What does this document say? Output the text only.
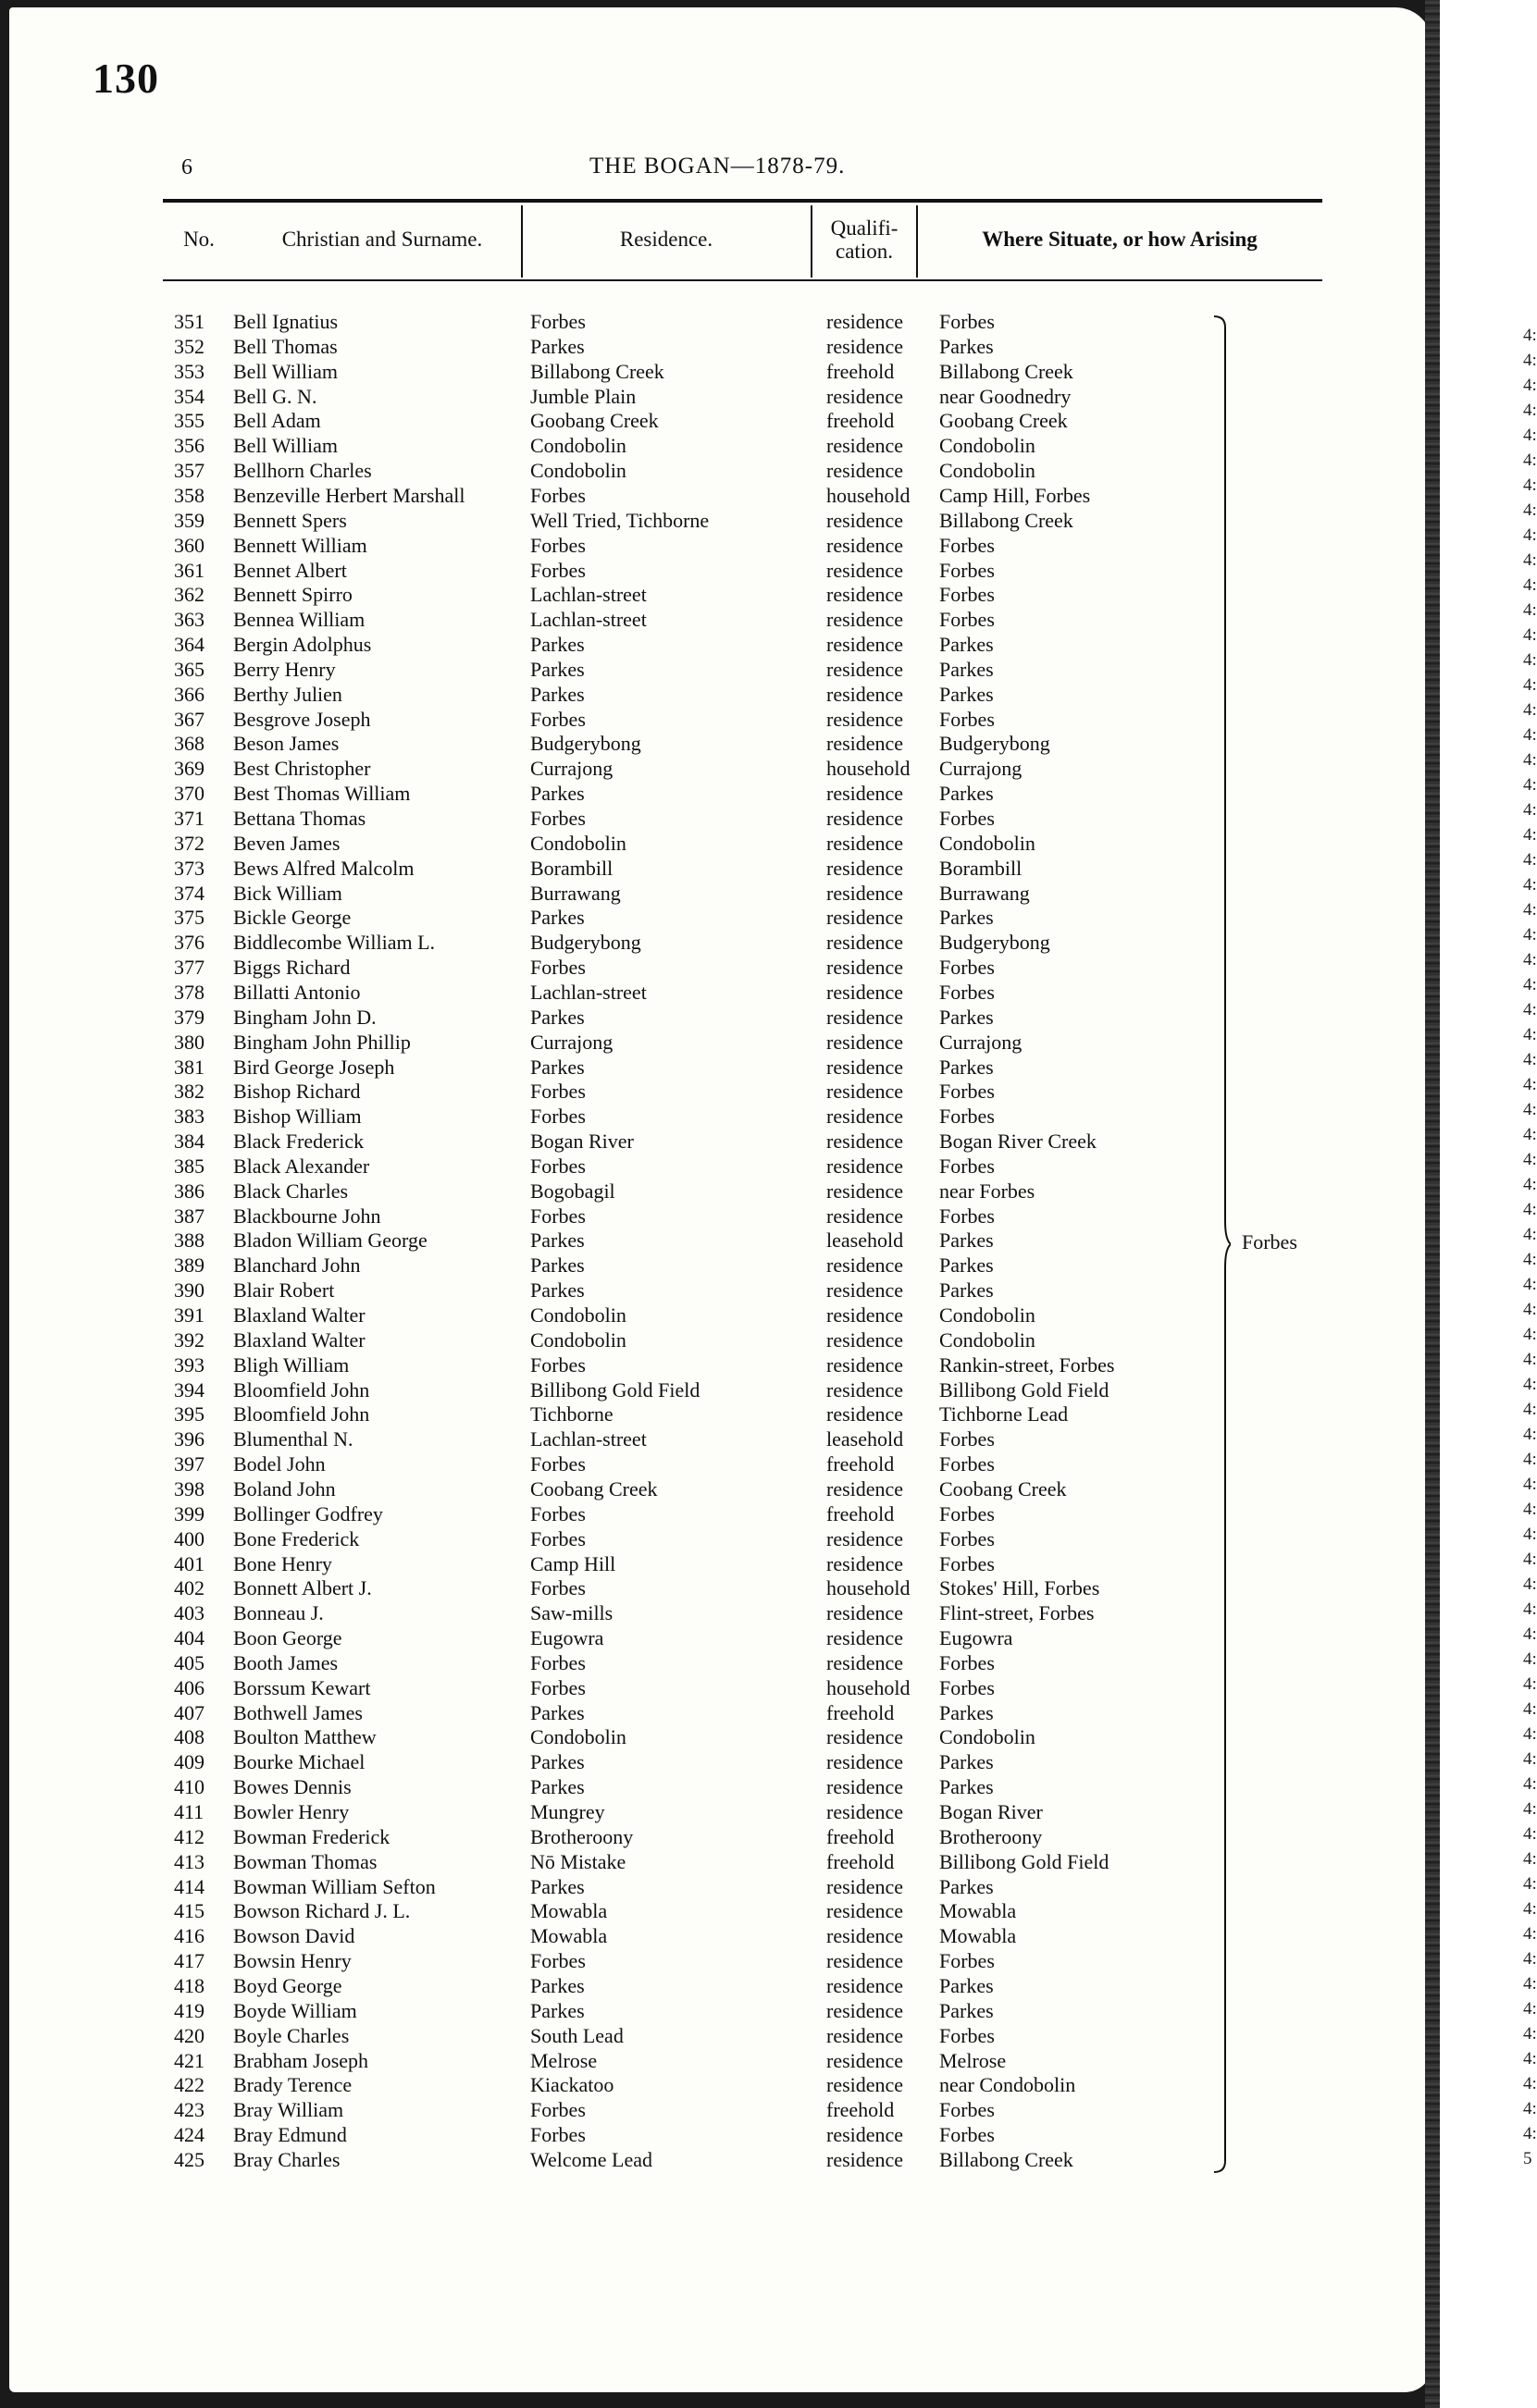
4:
4:
4:
4:
4:
4:
4:
4:
4:
4:
4:
4:
4:
4:
4:
4:
4:
4:
4:
4:
4:
4:
4:
4:
4:
4:
4:
4:
4:
4:
4:
4:
4:
4:
4:
4:
4:
4:
4:
4:
4:
4:
4:
4:
4:
4:
4:
4:
4:
4:
4:
4:
4:
4:
4:
4:
4:
4:
4:
4:
4:
4:
4:
4:
4:
4:
4:
4:
4:
4:
4:
4:
4:
5
130
6	THE BOGAN—1878-79.
No.	Christian and Surname.	Residence.	Qualifi-
cation.
Where Situate, or how Arising
351 Bell Ignatius	Forbes	residence Forbes
352 Bell Thomas	Parkes	residence Parkes
353 Bell William	Billabong Creek	freehold Billabong Creek
354 Bell G. N.	Jumble Plain	residence near Goodnedry
355 Bell Adam	Goobang Creek	freehold Goobang Creek
356 Bell William	Condobolin	residence Condobolin
357 Bellhorn Charles	Condobolin	residence Condobolin
358 Benzeville Herbert Marshall	Forbes	household Camp Hill, Forbes
359 Bennett Spers	Well Tried, Tichborne	residence Billabong Creek
360 Bennett William	Forbes	residence Forbes
361 Bennet Albert	Forbes	residence Forbes
362 Bennett Spirro	Lachlan-street	residence Forbes
363 Bennea William	Lachlan-street	residence Forbes
364 Bergin Adolphus	Parkes	residence Parkes
365 Berry Henry	Parkes	residence Parkes
366 Berthy Julien	Parkes	residence Parkes
367 Besgrove Joseph	Forbes	residence Forbes
368 Beson James	Budgerybong	residence Budgerybong
369 Best Christopher	Currajong	household Currajong
370 Best Thomas William	Parkes	residence Parkes
371 Bettana Thomas	Forbes	residence Forbes
372 Beven James	Condobolin	residence Condobolin
373 Bews Alfred Malcolm	Borambill	residence Borambill
374 Bick William	Burrawang	residence Burrawang
375 Bickle George	Parkes	residence Parkes
376 Biddlecombe William L.	Budgerybong	residence Budgerybong
377 Biggs Richard	Forbes	residence Forbes
378 Billatti Antonio	Lachlan-street	residence Forbes
379 Bingham John D.	Parkes	residence Parkes
380 Bingham John Phillip	Currajong	residence Currajong
381 Bird George Joseph	Parkes	residence Parkes
382 Bishop Richard	Forbes	residence Forbes
383 Bishop William	Forbes	residence Forbes
384 Black Frederick	Bogan River	residence Bogan River Creek
385 Black Alexander	Forbes	residence Forbes
386 Black Charles	Bogobagil	residence near Forbes
387 Blackbourne John	Forbes	residence Forbes
388 Bladon William George	Parkes	leasehold Parkes
389 Blanchard John	Parkes	residence Parkes
390 Blair Robert	Parkes	residence Parkes
391 Blaxland Walter	Condobolin	residence Condobolin
392 Blaxland Walter	Condobolin	residence Condobolin
393 Bligh William	Forbes	residence Rankin-street, Forbes
394 Bloomfield John	Billibong Gold Field	residence Billibong Gold Field
395 Bloomfield John	Tichborne	residence Tichborne Lead
396 Blumenthal N.	Lachlan-street	leasehold Forbes
397 Bodel John	Forbes	freehold Forbes
398 Boland John	Coobang Creek	residence Coobang Creek
399 Bollinger Godfrey	Forbes	freehold Forbes
400 Bone Frederick	Forbes	residence Forbes
401 Bone Henry	Camp Hill	residence Forbes
402 Bonnett Albert J.	Forbes	household Stokes' Hill, Forbes
403 Bonneau J.	Saw-mills	residence Flint-street, Forbes
404 Boon George	Eugowra	residence Eugowra
405 Booth James	Forbes	residence Forbes
406 Borssum Kewart	Forbes	household Forbes
407 Bothwell James	Parkes	freehold Parkes
408 Boulton Matthew	Condobolin	residence Condobolin
409 Bourke Michael	Parkes	residence Parkes
410 Bowes Dennis	Parkes	residence Parkes
411 Bowler Henry	Mungrey	residence Bogan River
412 Bowman Frederick	Brotheroony	freehold Brotheroony
413 Bowman Thomas	Nō Mistake	freehold Billibong Gold Field
414 Bowman William Sefton	Parkes	residence Parkes
415 Bowson Richard J. L.	Mowabla	residence Mowabla
416 Bowson David	Mowabla	residence Mowabla
417 Bowsin Henry	Forbes	residence Forbes
418 Boyd George	Parkes	residence Parkes
419 Boyde William	Parkes	residence Parkes
420 Boyle Charles	South Lead	residence Forbes
421 Brabham Joseph	Melrose	residence Melrose
422 Brady Terence	Kiackatoo	residence near Condobolin
423 Bray William	Forbes	freehold Forbes
424 Bray Edmund	Forbes	residence Forbes
425 Bray Charles	Welcome Lead	residence Billabong Creek
Forbes
